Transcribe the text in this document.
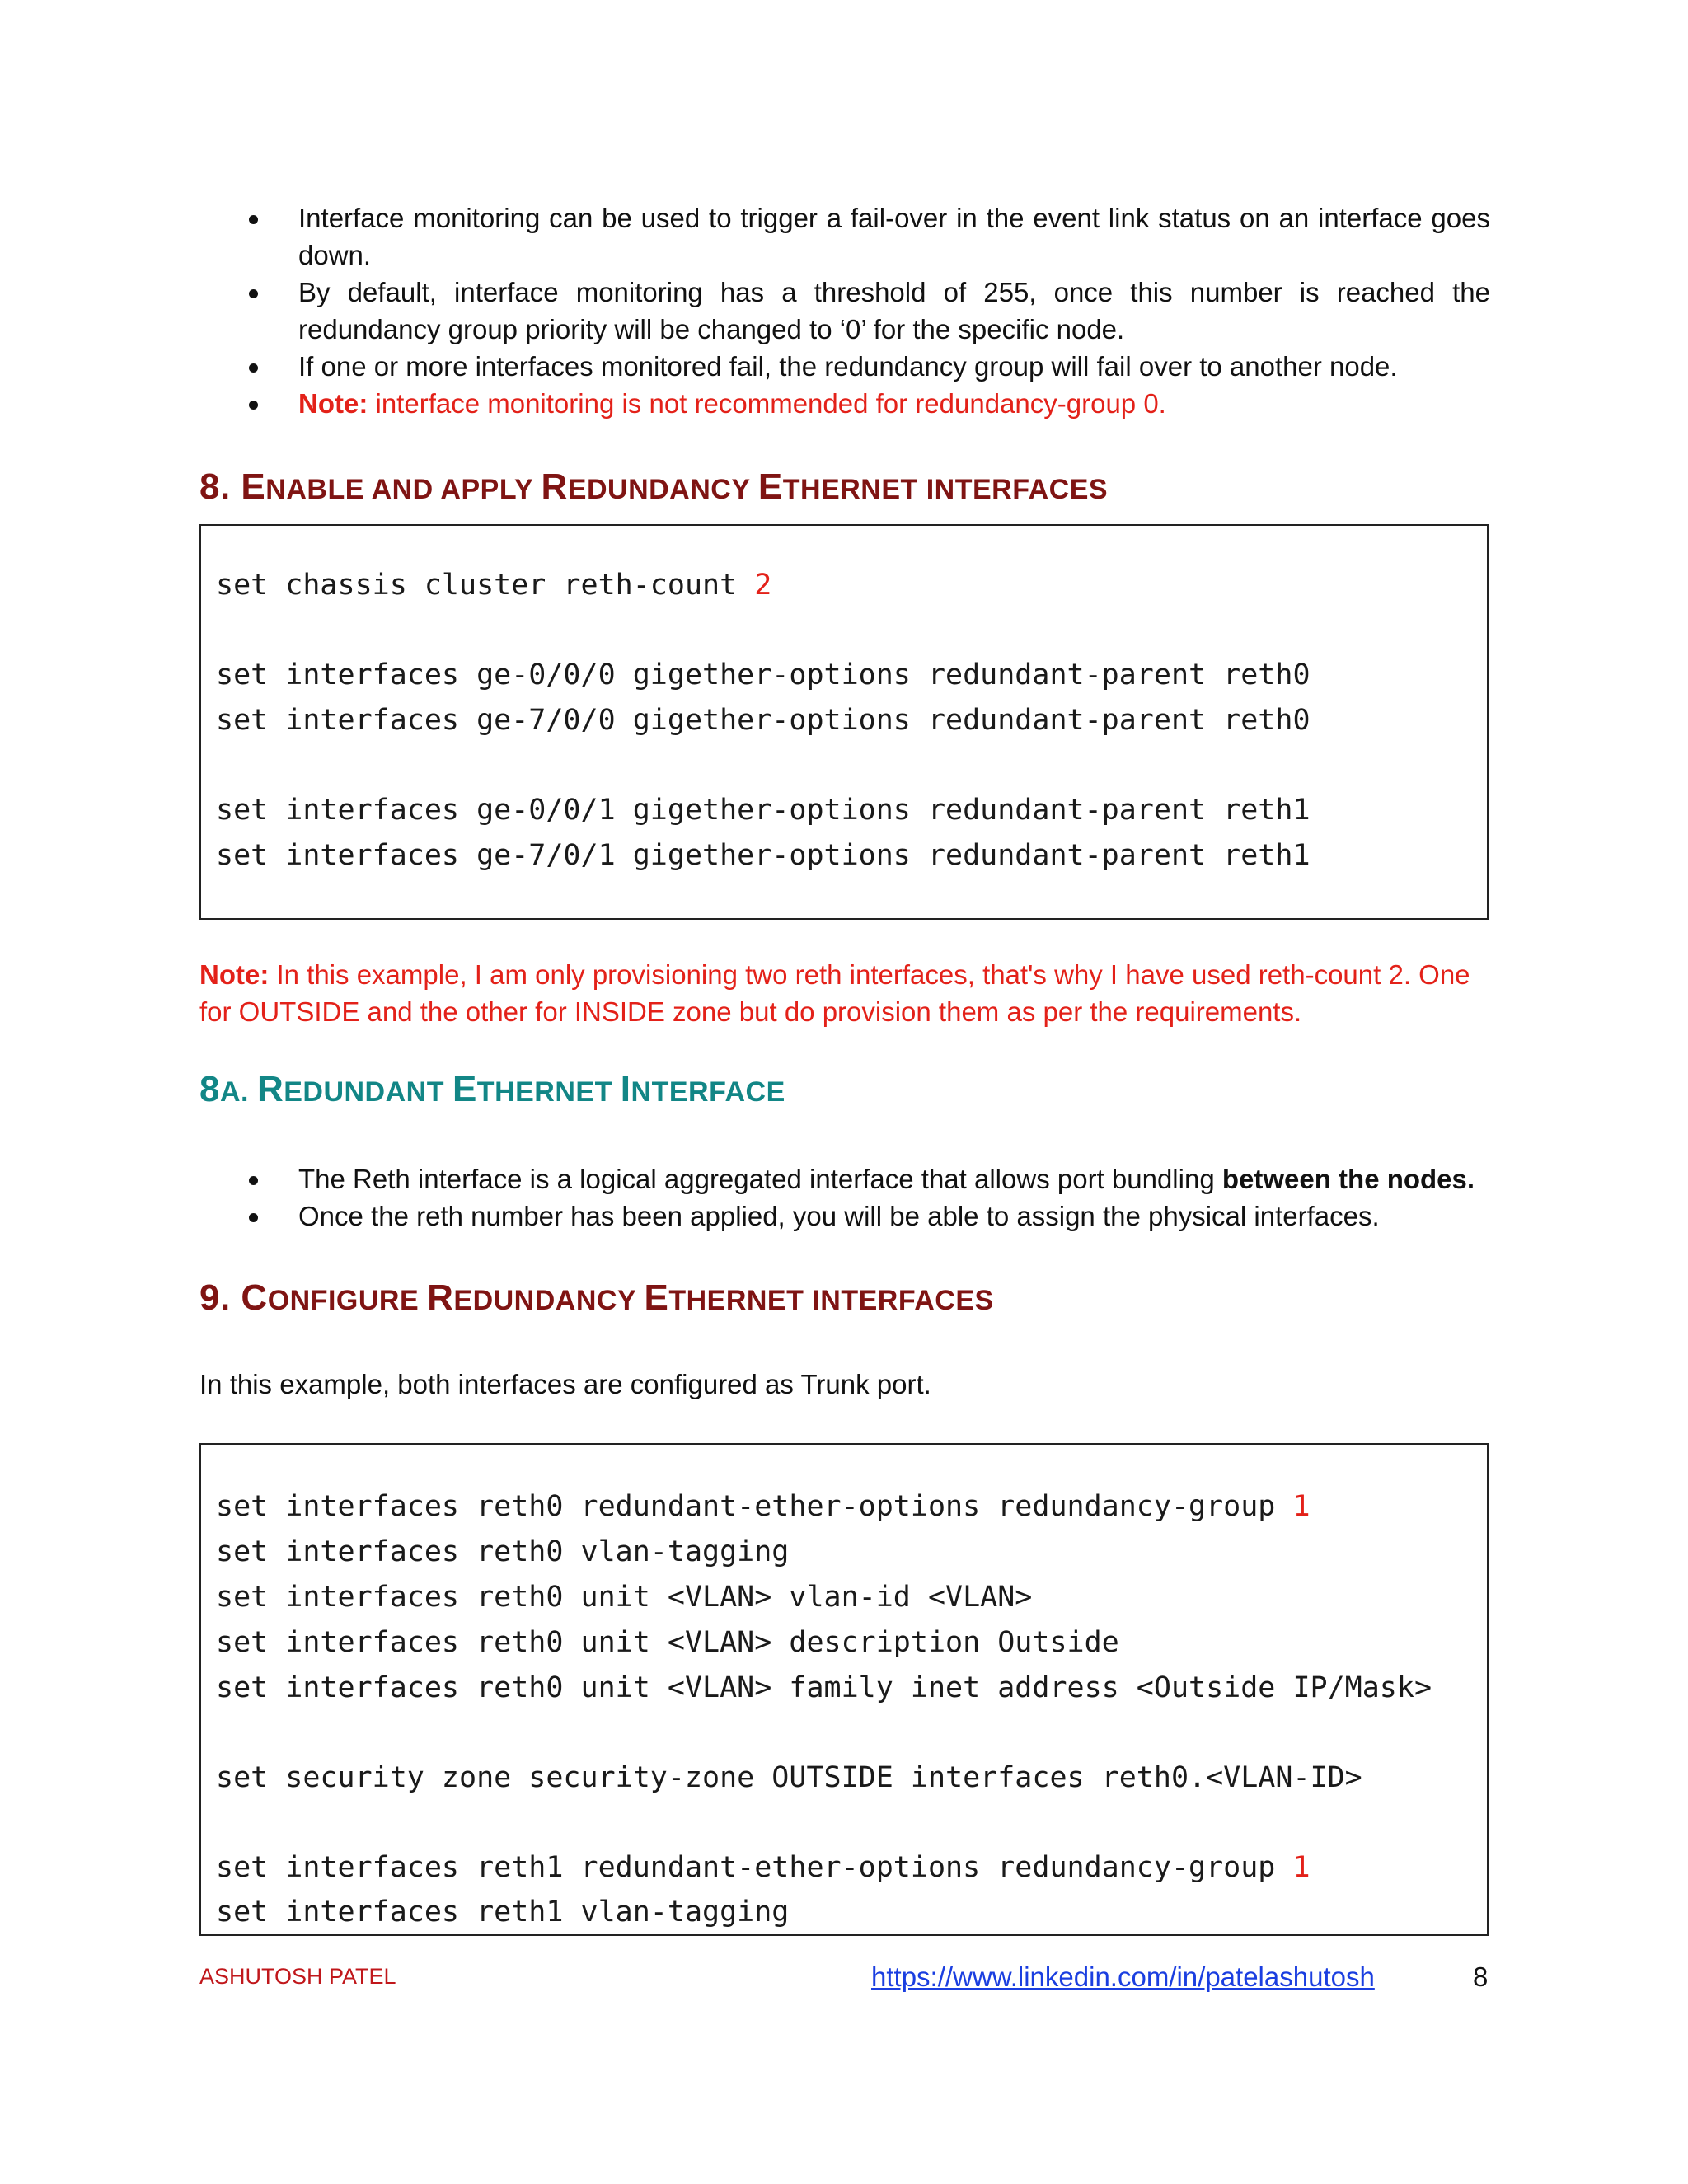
Interface monitoring can be used to trigger a fail-over in the event link status on an interface goes down.
By default, interface monitoring has a threshold of 255, once this number is reached the redundancy group priority will be changed to ‘0’ for the specific node.
If one or more interfaces monitored fail, the redundancy group will fail over to another node.
Note: interface monitoring is not recommended for redundancy-group 0.
8. ENABLE AND APPLY REDUNDANCY ETHERNET INTERFACES
set chassis cluster reth-count 2
set interfaces ge-0/0/0 gigether-options redundant-parent reth0
set interfaces ge-7/0/0 gigether-options redundant-parent reth0
set interfaces ge-0/0/1 gigether-options redundant-parent reth1
set interfaces ge-7/0/1 gigether-options redundant-parent reth1

Note: In this example, I am only provisioning two reth interfaces, that's why I have used reth-count 2. One for OUTSIDE and the other for INSIDE zone but do provision them as per the requirements.

8A. REDUNDANT ETHERNET INTERFACE
The Reth interface is a logical aggregated interface that allows port bundling between the nodes.
Once the reth number has been applied, you will be able to assign the physical interfaces.
9. CONFIGURE REDUNDANCY ETHERNET INTERFACES

In this example, both interfaces are configured as Trunk port.

set interfaces reth0 redundant-ether-options redundancy-group 1
set interfaces reth0 vlan-tagging
set interfaces reth0 unit <VLAN> vlan-id <VLAN>
set interfaces reth0 unit <VLAN> description Outside
set interfaces reth0 unit <VLAN> family inet address <Outside IP/Mask>
set security zone security-zone OUTSIDE interfaces reth0.<VLAN-ID>
set interfaces reth1 redundant-ether-options redundancy-group 1
set interfaces reth1 vlan-tagging
ASHUTOSH PATEL	https://www.linkedin.com/in/patelashutosh	8
